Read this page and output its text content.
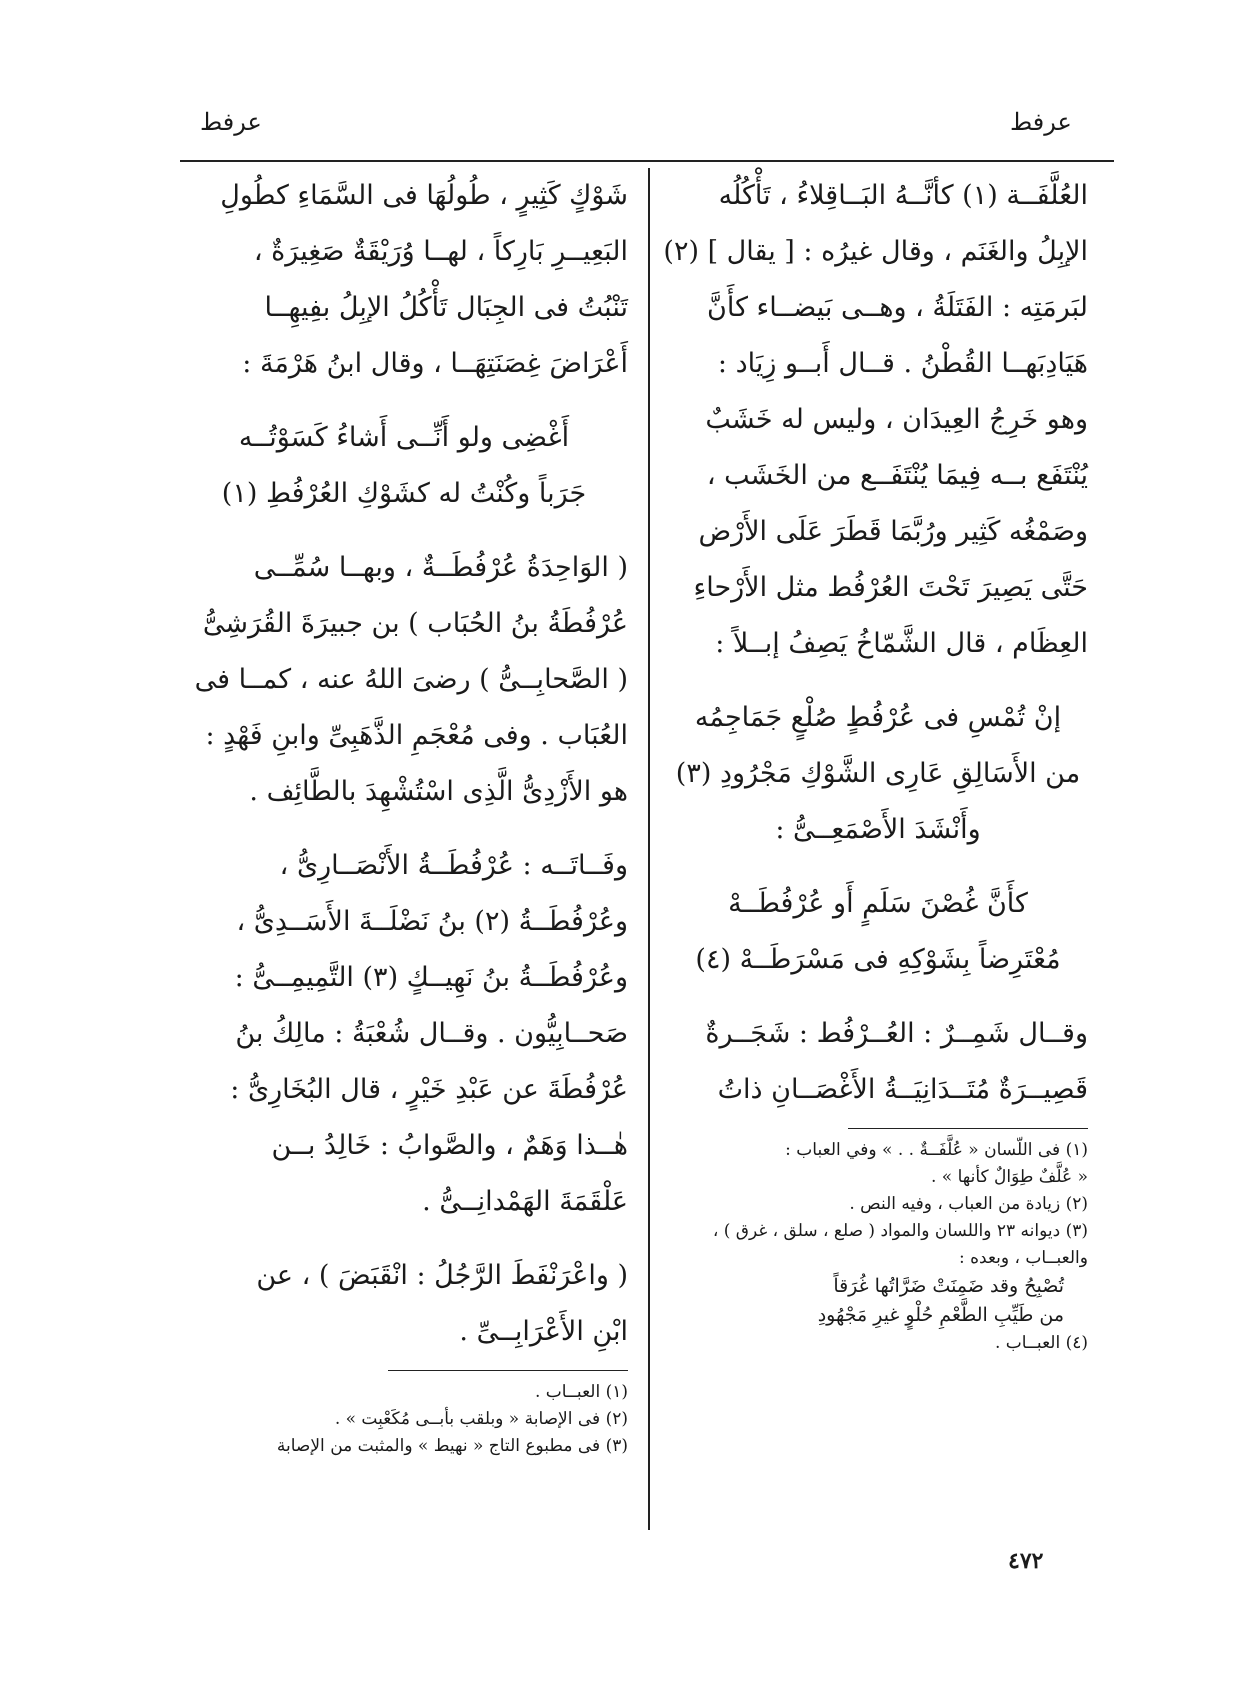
عرفط
عرفط
العُلَّفَــة (١) كأنَّــهُ البَــاقِلاءُ ، تَأْكُلُه
الإبِلُ والغَنَم ، وقال غيرُه : [ يقال ] (٢)
لبَرمَتِه : الفَتَلَةُ ، وهــى بَيضــاء كأَنَّ
هَيَادِبَهــا القُطْنُ . قــال أَبــو زِيَاد :
وهو خَرِجُ العِيدَان ، وليس له خَشَبٌ
يُنْتَفَع بــه فِيمَا يُنْتَفَــع من الخَشَب ،
وصَمْغُه كَثِير ورُبَّمَا قَطَرَ عَلَى الأَرْض
حَتَّى يَصِيرَ تَحْتَ العُرْفُط مثل الأَرْحاءِ
العِظَام ، قال الشَّمّاخُ يَصِفُ إبــلاً :
إنْ تُمْسِ فى عُرْفُطٍ صُلْعٍ جَمَاجِمُه
من الأَسَالِقِ عَارِى الشَّوْكِ مَجْرُودِ (٣)
وأَنْشَدَ الأَصْمَعِــىُّ :
كأَنَّ غُصْنَ سَلَمٍ أَو عُرْفُطَــهْ
مُعْتَرِضاً بِشَوْكِهِ فى مَسْرَطَــهْ (٤)
وقــال شَمِــرٌ : العُــرْفُط : شَجَــرةٌ
قَصِيــرَةٌ مُتَــدَانِيَــةُ الأَغْصَــانِ ذاتُ
(١) فى اللّسان « عُلَّفَــةٌ . . » وفي العباب :
« عُلَّفٌ طِوَالٌ كأنها » .
(٢) زيادة من العباب ، وفيه النص .
(٣) ديوانه ٢٣ واللسان والمواد ( صلع ، سلق ، غرق ) ،
والعبــاب ، وبعده :
تُصْبِحُ وقد ضَمِنَتْ ضَرَّاتُها غُرَقاً
من طَيِّبِ الطَّعْمِ حُلْوٍ غيرِ مَجْهُودِ
(٤) العبــاب .
شَوْكٍ كَثِيرٍ ، طُولُهَا فى السَّمَاءِ كطُولِ
البَعِيــرِ بَارِكاً ، لهــا وُرَيْقَةٌ صَغِيرَةٌ ،
تَنْبُتُ فى الجِبَال تَأْكُلُ الإبِلُ بفِيهِــا
أَعْرَاضَ غِصَنَتِهَــا ، وقال ابنُ هَرْمَةَ :
أَغْضِى ولو أَنِّــى أَشاءُ كَسَوْتُــه
جَرَباً وكُنْتُ له كشَوْكِ العُرْفُطِ (١)
( الوَاحِدَةُ عُرْفُطَــةٌ ، وبهــا سُمِّــى
عُرْفُطَةُ بنُ الحُبَاب ) بن جبيرَةَ القُرَشِىُّ
( الصَّحابِــىُّ ) رضىَ اللهُ عنه ، كمــا فى
العُبَاب . وفى مُعْجَمِ الذَّهَبِىِّ وابنِ فَهْدٍ :
هو الأَزْدِىُّ الَّذِى اسْتُشْهِدَ بالطَّائِف .
وفَــاتَــه : عُرْفُطَــةُ الأَنْصَــارِىُّ ،
وعُرْفُطَــةُ (٢) بنُ نَضْلَــةَ الأَسَــدِىُّ ،
وعُرْفُطَــةُ بنُ نَهِيــكٍ (٣) التَّمِيمِــىُّ :
صَحــابِيُّون . وقــال شُعْبَةُ : مالِكُ بنُ
عُرْفُطَةَ عن عَبْدِ خَيْرٍ ، قال البُخَارِىُّ :
هٰــذا وَهَمٌ ، والصَّوابُ : خَالِدُ بــن
عَلْقَمَةَ الهَمْدانِــىُّ .
( واعْرَنْفَطَ الرَّجُلُ : انْقَبَضَ ) ، عن
ابْنِ الأَعْرَابِــىِّ .
(١) العبــاب .
(٢) فى الإصابة « وبلقب بأبــى مُكَعْبِت » .
(٣) فى مطبوع التاج « نهيط » والمثبت من الإصابة
٤٧٢
